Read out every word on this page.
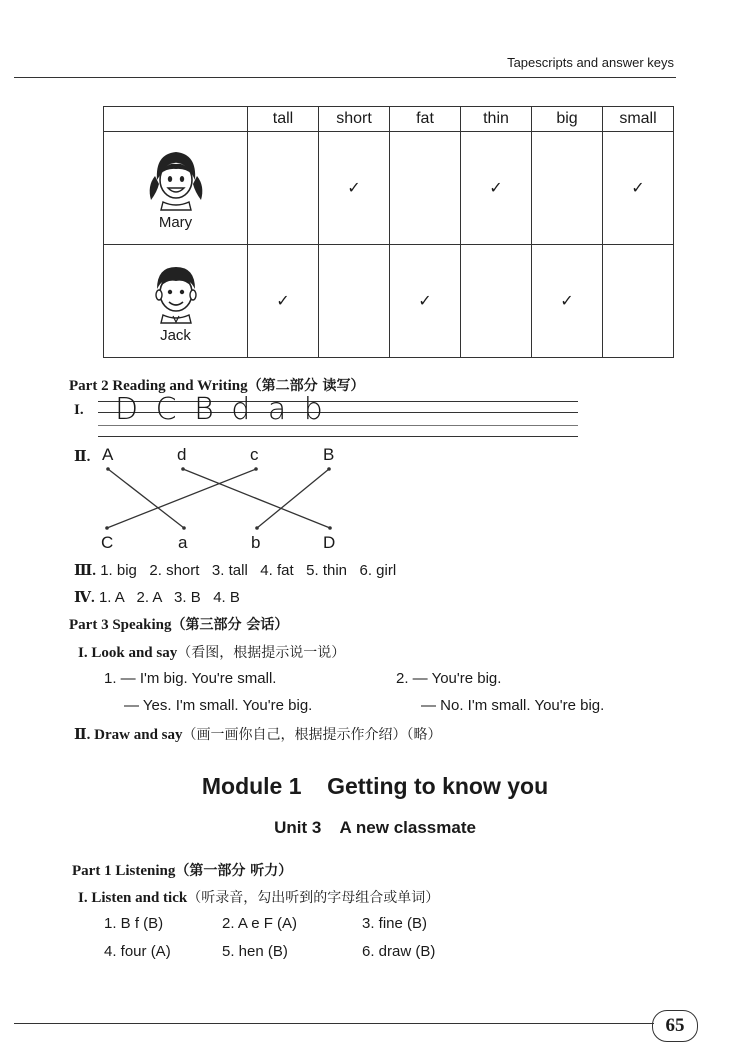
Tapescripts and answer keys
	tall	short	fat	thin	big	small

Mary		✓		✓		✓

Jack	✓		✓		✓	
Part 2 Reading and Writing（第二部分 读写）
I. D C B d a b
Ⅱ. A	d	c	B
C	a	b	D
Ⅲ. 1. big   2. short   3. tall   4. fat   5. thin   6. girl
Ⅳ. 1. A   2. A   3. B   4. B
Part 3 Speaking（第三部分 会话）
I. Look and say（看图，根据提示说一说）
1. — I'm big. You're small.	2. — You're big.
— Yes. I'm small. You're big.	— No. I'm small. You're big.
Ⅱ. Draw and say（画一画你自己，根据提示作介绍）（略）
Module 1    Getting to know you
Unit 3    A new classmate
Part 1 Listening（第一部分 听力）
I. Listen and tick（听录音，勾出听到的字母组合或单词）
1. B f (B)	2. A e F (A)	3. fine (B)
4. four (A)	5. hen (B)	6. draw (B)
65
